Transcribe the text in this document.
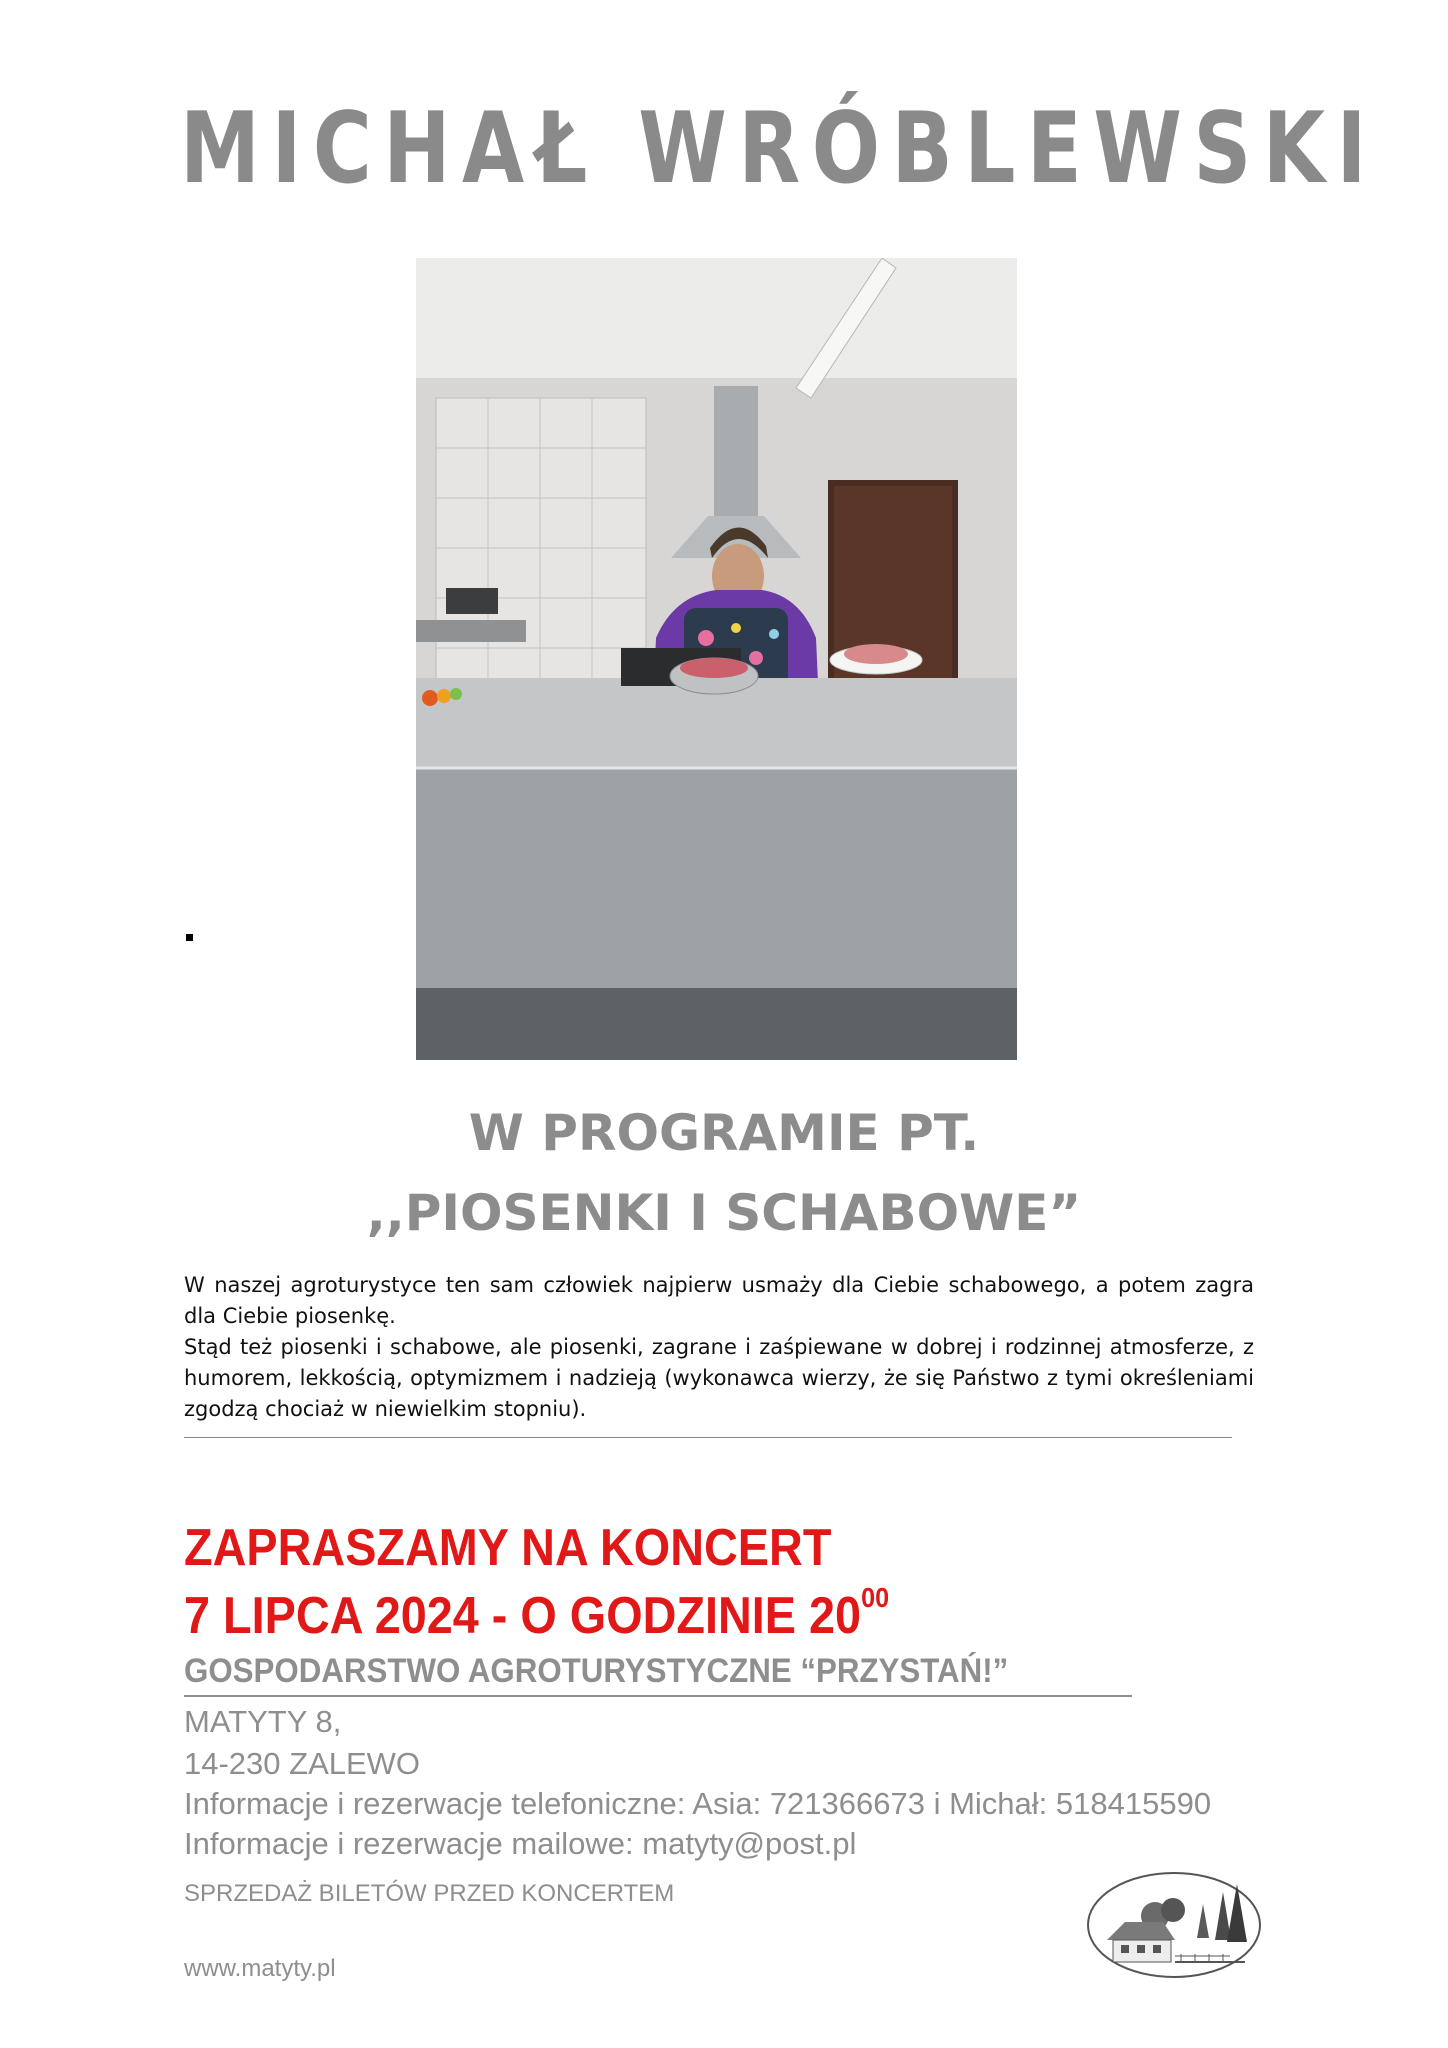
MICHAŁ WRÓBLEWSKI
W PROGRAMIE PT.
,,PIOSENKI I SCHABOWE”

W naszej agroturystyce ten sam człowiek najpierw usmaży dla Ciebie schabowego, a potem zagra dla Ciebie piosenkę.

Stąd też piosenki i schabowe, ale piosenki, zagrane i zaśpiewane w dobrej i rodzinnej atmosferze, z humorem, lekkością, optymizmem i nadzieją (wykonawca wierzy, że się Państwo z tymi określeniami zgodzą chociaż w niewielkim stopniu).

ZAPRASZAMY NA KONCERT
7 LIPCA 2024 - O GODZINIE $20^{00}$
GOSPODARSTWO AGROTURYSTYCZNE “PRZYSTAŃ!”
MATYTY 8,
14-230 ZALEWO
Informacje i rezerwacje telefoniczne: Asia: 721366673 i Michał: 518415590
Informacje i rezerwacje mailowe: matyty@post.pl
SPRZEDAŻ BILETÓW PRZED KONCERTEM
www.matyty.pl
